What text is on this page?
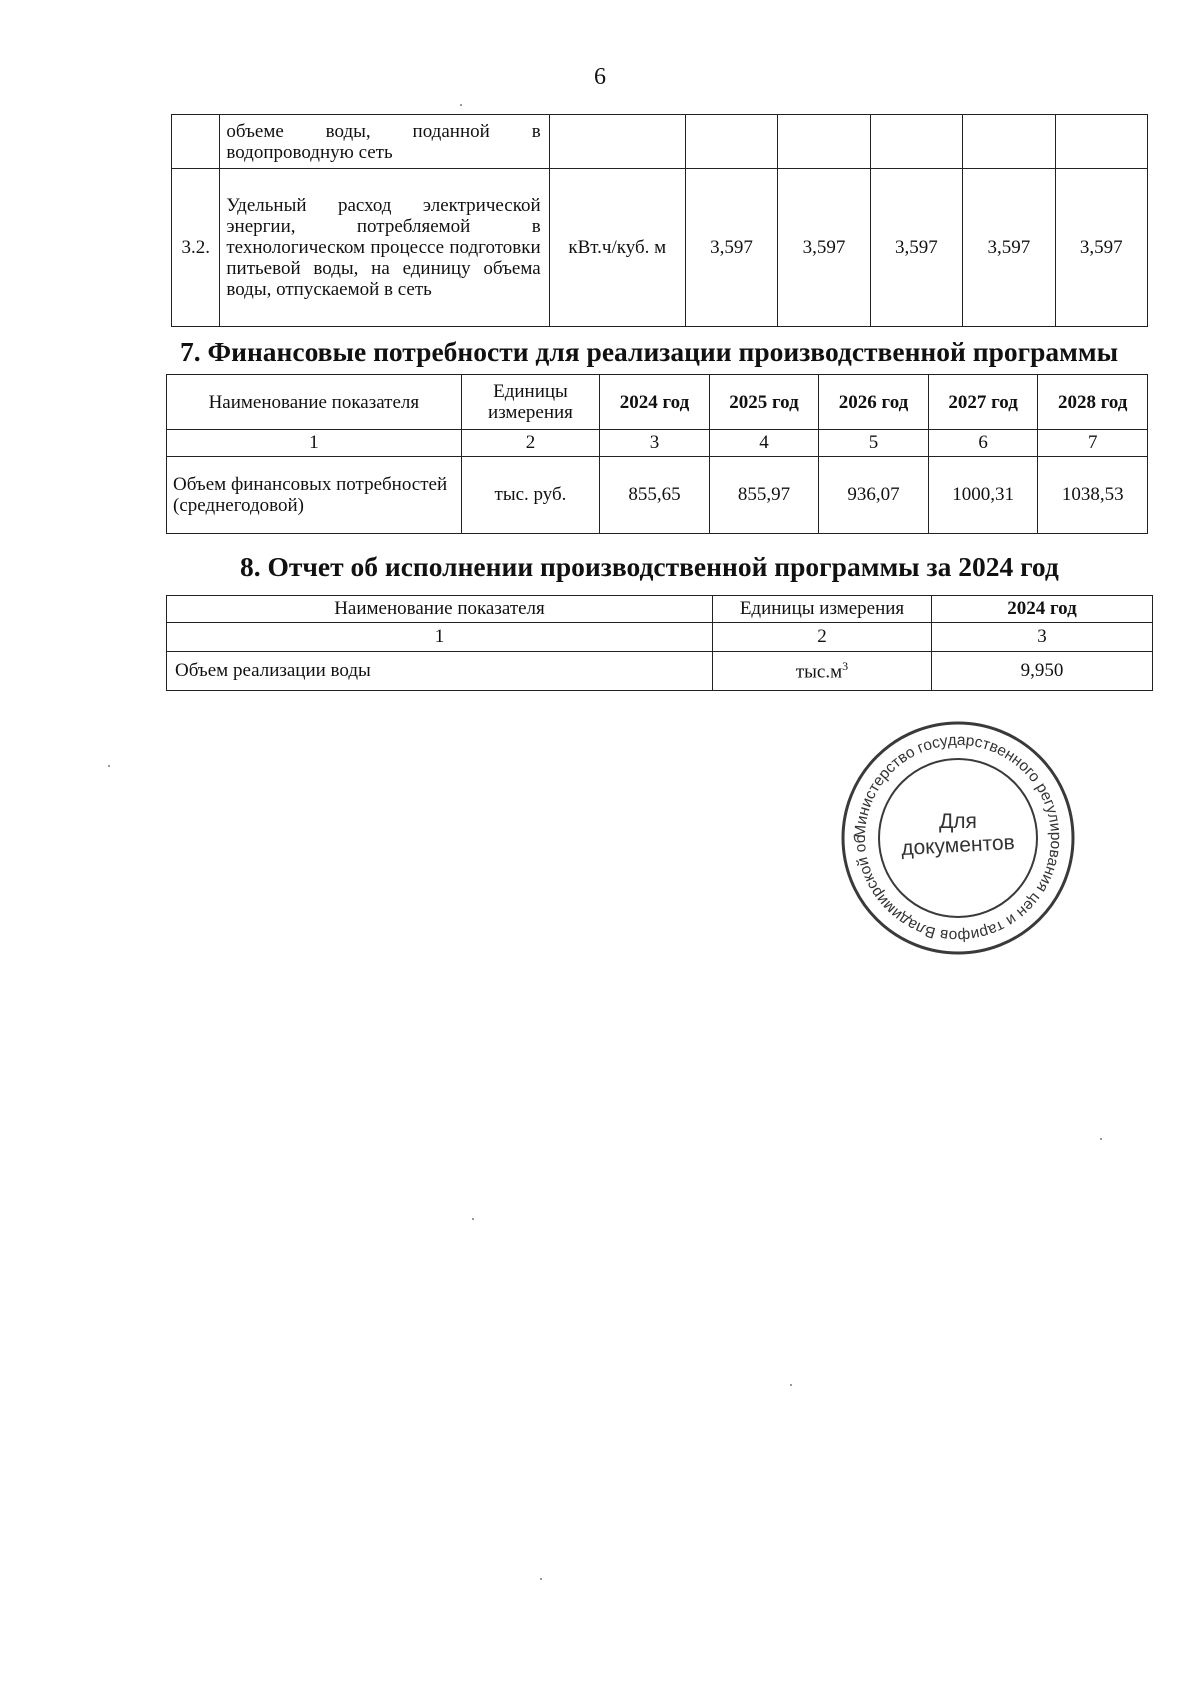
6
	объеме воды, поданной в водопроводную сеть						
3.2.	Удельный расход электрической энергии, потребляемой в технологическом процессе подготовки питьевой воды, на единицу объема воды, отпускаемой в сеть	кВт.ч/куб. м	3,597	3,597	3,597	3,597	3,597
7. Финансовые потребности для реализации производственной программы
Наименование показателя	Единицы измерения	2024 год	2025 год	2026 год	2027 год	2028 год
1	2	3	4	5	6	7
Объем финансовых потребностей (среднегодовой)	тыс. руб.	855,65	855,97	936,07	1000,31	1038,53
8. Отчет об исполнении производственной программы за 2024 год
Наименование показателя	Единицы измерения	2024 год
1	2	3
Объем реализации воды	$тыс.м^3$	9,950
Министерство государственного регулирования цен и тарифов Владимирской об
Для
документов
